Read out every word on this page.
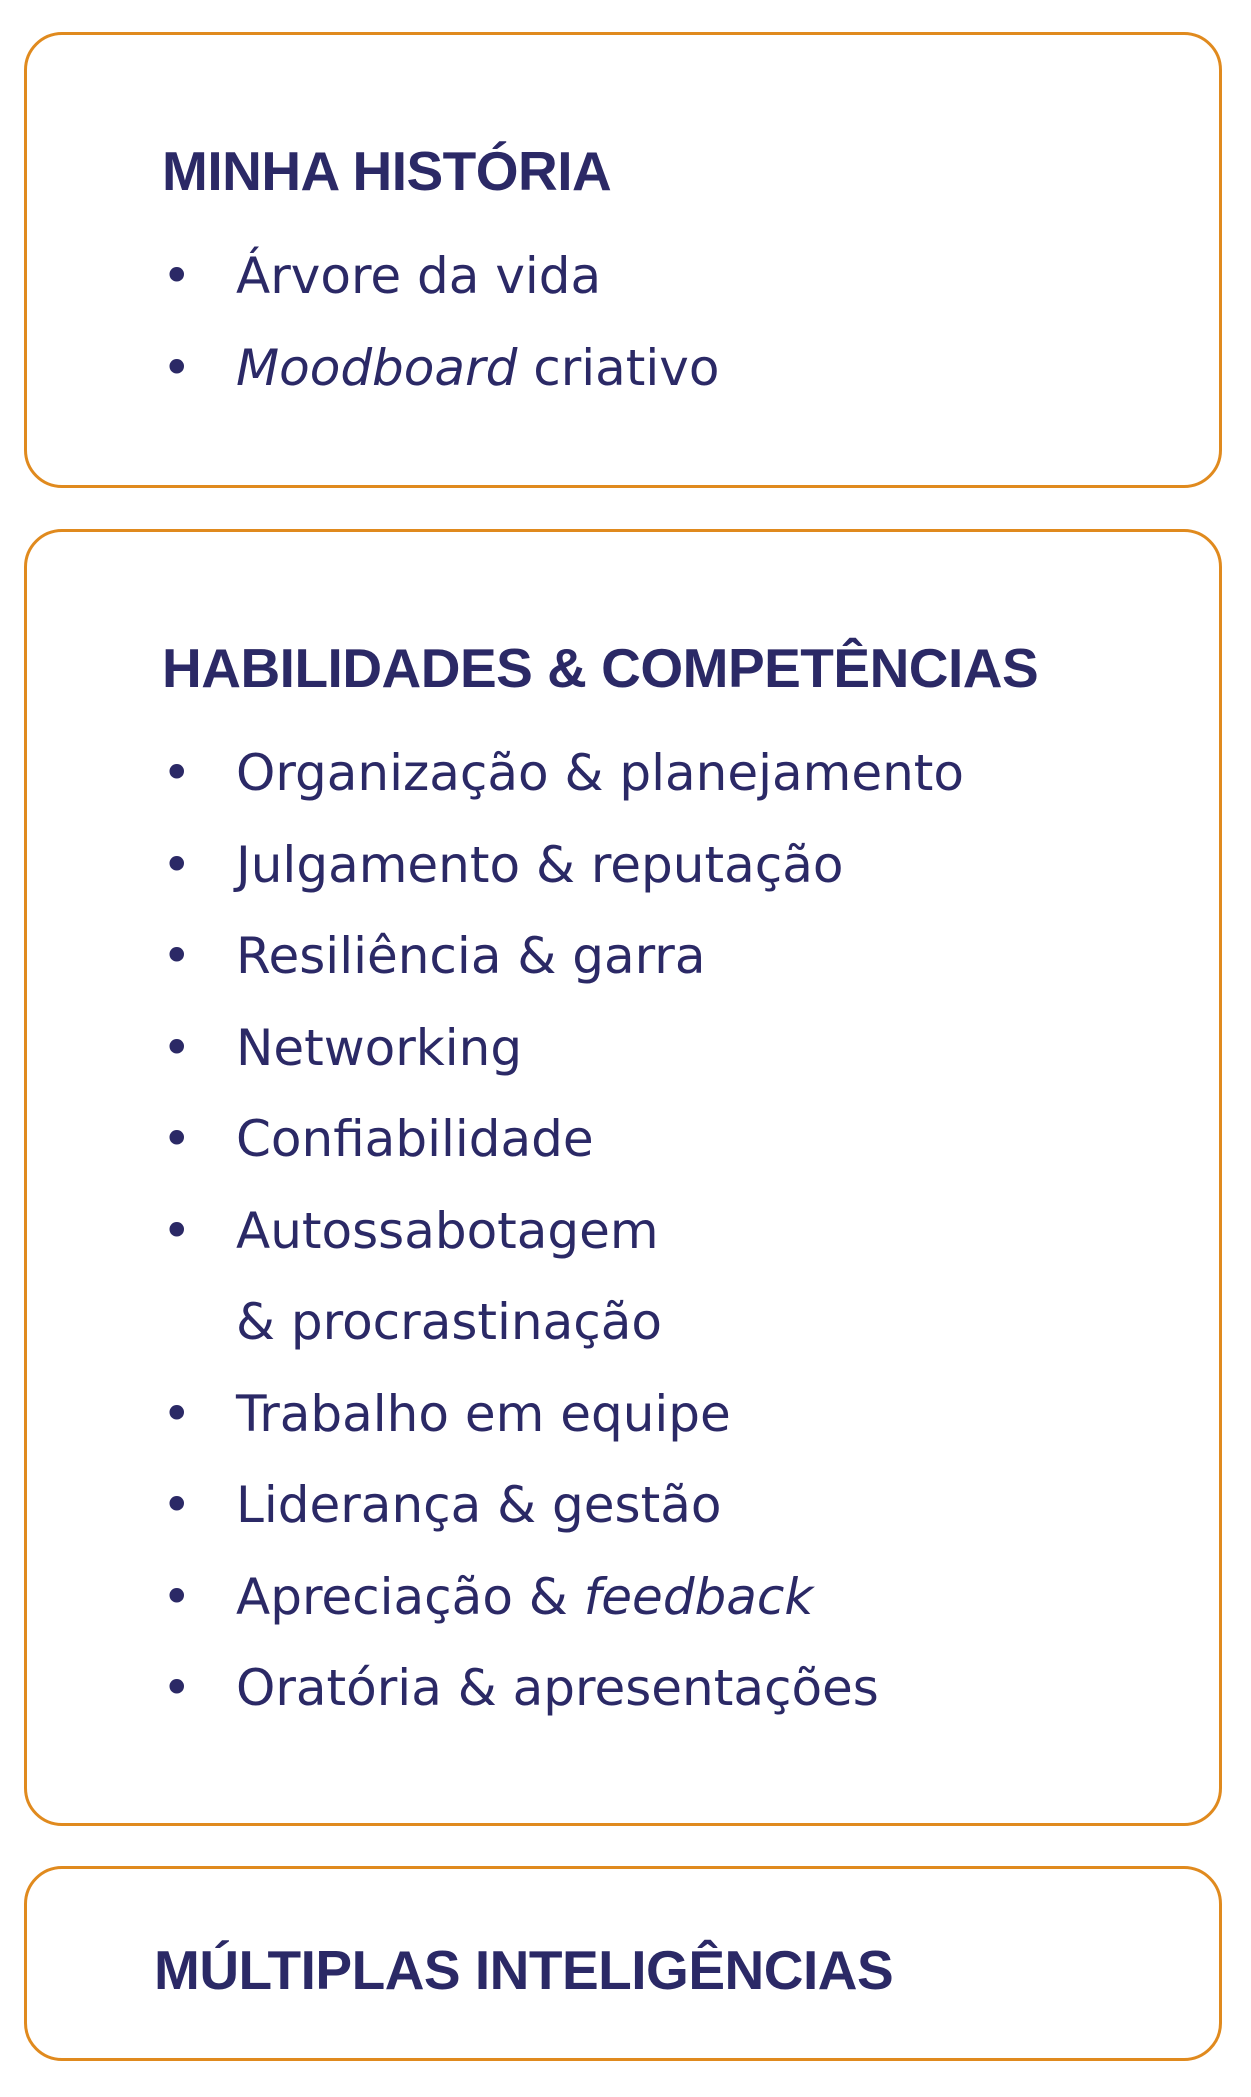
MINHA HISTÓRIA
• Árvore da vida
• Moodboard criativo
HABILIDADES & COMPETÊNCIAS
• Organização & planejamento
• Julgamento & reputação
• Resiliência & garra
• Networking
• Confiabilidade
• Autossabotagem
& procrastinação
• Trabalho em equipe
• Liderança & gestão
• Apreciação & feedback
• Oratória & apresentações
MÚLTIPLAS INTELIGÊNCIAS
